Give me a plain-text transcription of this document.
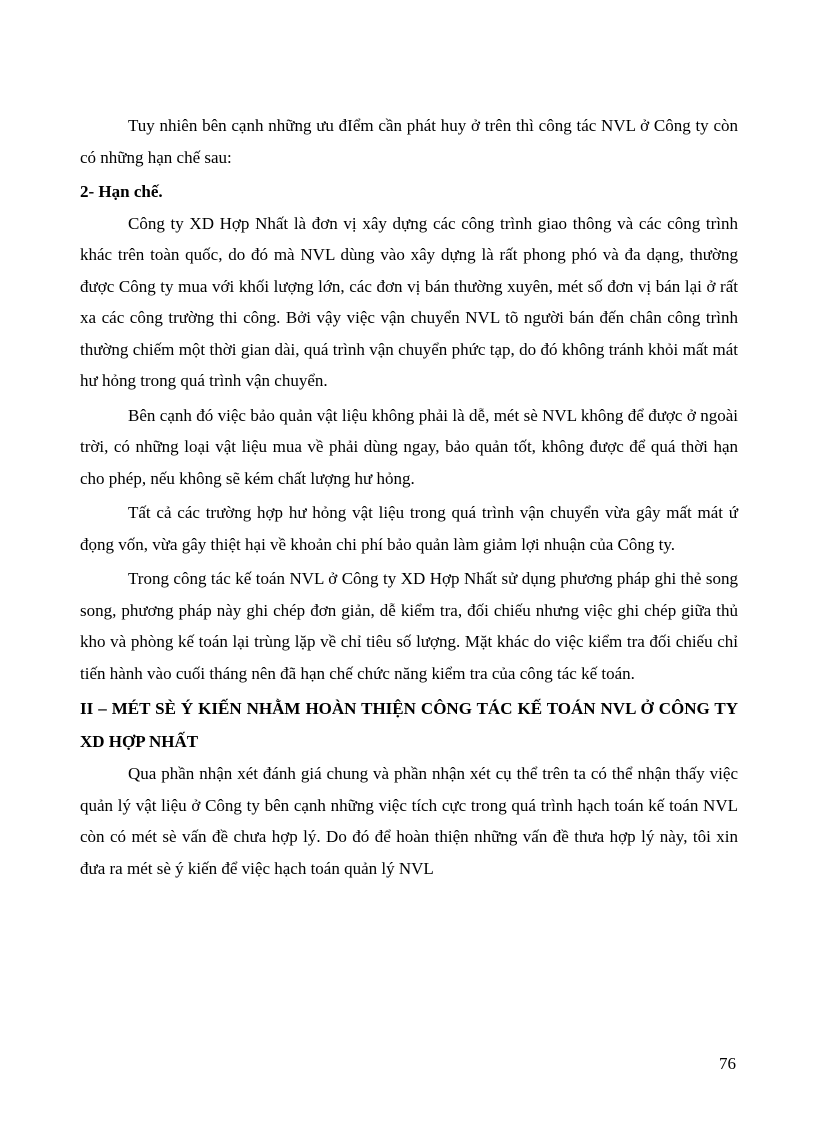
Tuy nhiên bên cạnh những ưu đIểm cần phát huy ở trên thì công tác NVL ở Công ty còn có những hạn chế sau:

2- Hạn chế.

Công ty XD Hợp Nhất là đơn vị xây dựng các công trình giao thông và các công trình khác trên toàn quốc, do đó mà NVL dùng vào xây dựng là rất phong phó và đa dạng, thường được Công ty mua với khối lượng lớn, các đơn vị bán thường xuyên, mét số đơn vị bán lại ở rất xa các công trường thi công. Bởi vậy việc vận chuyển NVL tõ người bán đến chân công trình thường chiếm một thời gian dài, quá trình vận chuyển phức tạp, do đó không tránh khỏi mất mát hư hỏng trong quá trình vận chuyển.

Bên cạnh đó việc bảo quản vật liệu không phải là dễ, mét sè NVL không để được ở ngoài trời, có những loại vật liệu mua về phải dùng ngay, bảo quản tốt, không được để quá thời hạn cho phép, nếu không sẽ kém chất lượng hư hỏng.

Tất cả các trường hợp hư hỏng vật liệu trong quá trình vận chuyển vừa gây mất mát ứ đọng vốn, vừa gây thiệt hại về khoản chi phí bảo quản làm giảm lợi nhuận của Công ty.

Trong công tác kế toán NVL ở Công ty XD Hợp Nhất sử dụng phương pháp ghi thẻ song song, phương pháp này ghi chép đơn giản, dễ kiểm tra, đối chiếu nhưng việc ghi chép giữa thủ kho và phòng kế toán lại trùng lặp về chỉ tiêu số lượng. Mặt khác do việc kiểm tra đối chiếu chỉ tiến hành vào cuối tháng nên đã hạn chế chức năng kiểm tra của công tác kế toán.

II – MÉT SÈ Ý KIẾN NHẰM HOÀN THIỆN CÔNG TÁC KẾ TOÁN NVL Ở CÔNG TY XD HỢP NHẤT

Qua phần nhận xét đánh giá chung và phần nhận xét cụ thể trên ta có thể nhận thấy việc quản lý vật liệu ở Công ty bên cạnh những việc tích cực trong quá trình hạch toán kế toán NVL còn có mét sè vấn đề chưa hợp lý. Do đó để hoàn thiện những vấn đề thưa hợp lý này, tôi xin đưa ra mét sè ý kiến để việc hạch toán quản lý NVL

76
